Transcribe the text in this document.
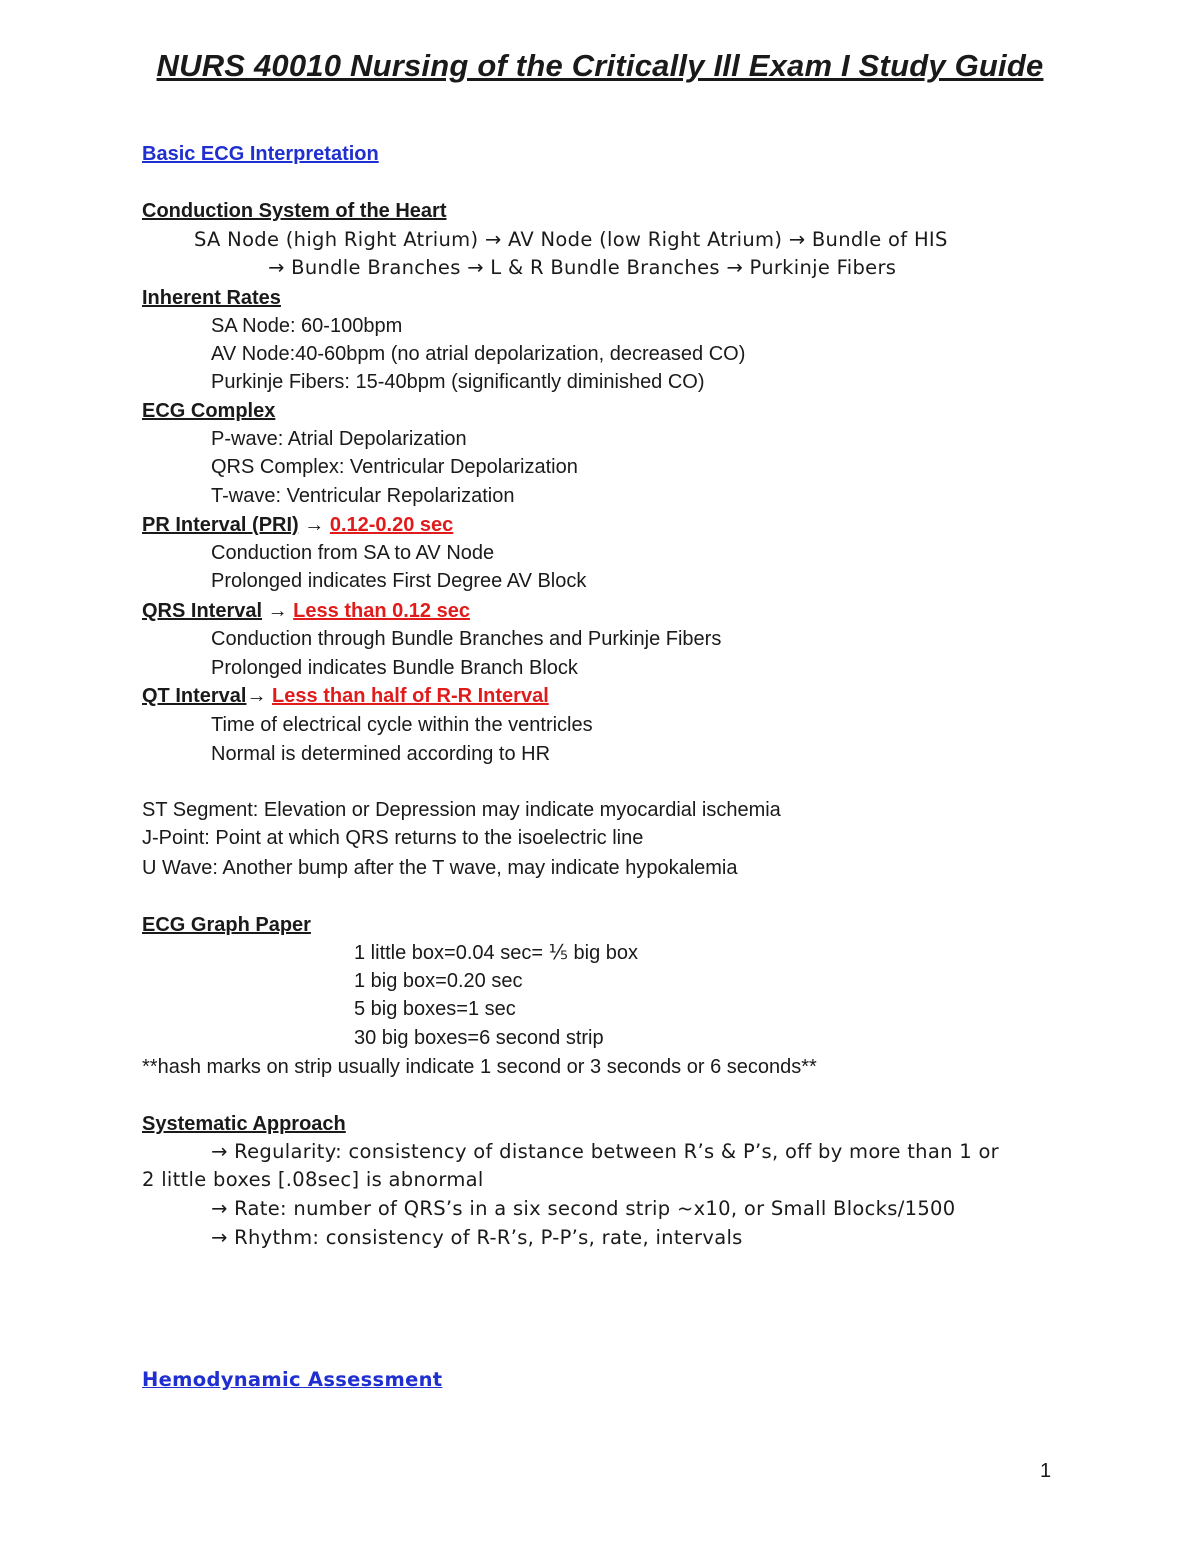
NURS 40010 Nursing of the Critically Ill Exam I Study Guide
Basic ECG Interpretation
Conduction System of the Heart
SA Node (high Right Atrium) → AV Node (low Right Atrium) → Bundle of HIS
→ Bundle Branches → L & R Bundle Branches → Purkinje Fibers
Inherent Rates
SA Node: 60-100bpm
AV Node:40-60bpm (no atrial depolarization, decreased CO)
Purkinje Fibers: 15-40bpm (significantly diminished CO)
ECG Complex
P-wave: Atrial Depolarization
QRS Complex: Ventricular Depolarization
T-wave: Ventricular Repolarization
PR Interval (PRI) → 0.12-0.20 sec
Conduction from SA to AV Node
Prolonged indicates First Degree AV Block
QRS Interval → Less than 0.12 sec
Conduction through Bundle Branches and Purkinje Fibers
Prolonged indicates Bundle Branch Block
QT Interval→ Less than half of R-R Interval
Time of electrical cycle within the ventricles
Normal is determined according to HR
ST Segment: Elevation or Depression may indicate myocardial ischemia
J-Point: Point at which QRS returns to the isoelectric line
U Wave: Another bump after the T wave, may indicate hypokalemia
ECG Graph Paper
1 little box=0.04 sec= ⅕ big box
1 big box=0.20 sec
5 big boxes=1 sec
30 big boxes=6 second strip
**hash marks on strip usually indicate 1 second or 3 seconds or 6 seconds**
Systematic Approach
→ Regularity: consistency of distance between R’s & P’s, off by more than 1 or
2 little boxes [.08sec] is abnormal
→ Rate: number of QRS’s in a six second strip ~x10, or Small Blocks/1500
→ Rhythm: consistency of R-R’s, P-P’s, rate, intervals
Hemodynamic Assessment
1
